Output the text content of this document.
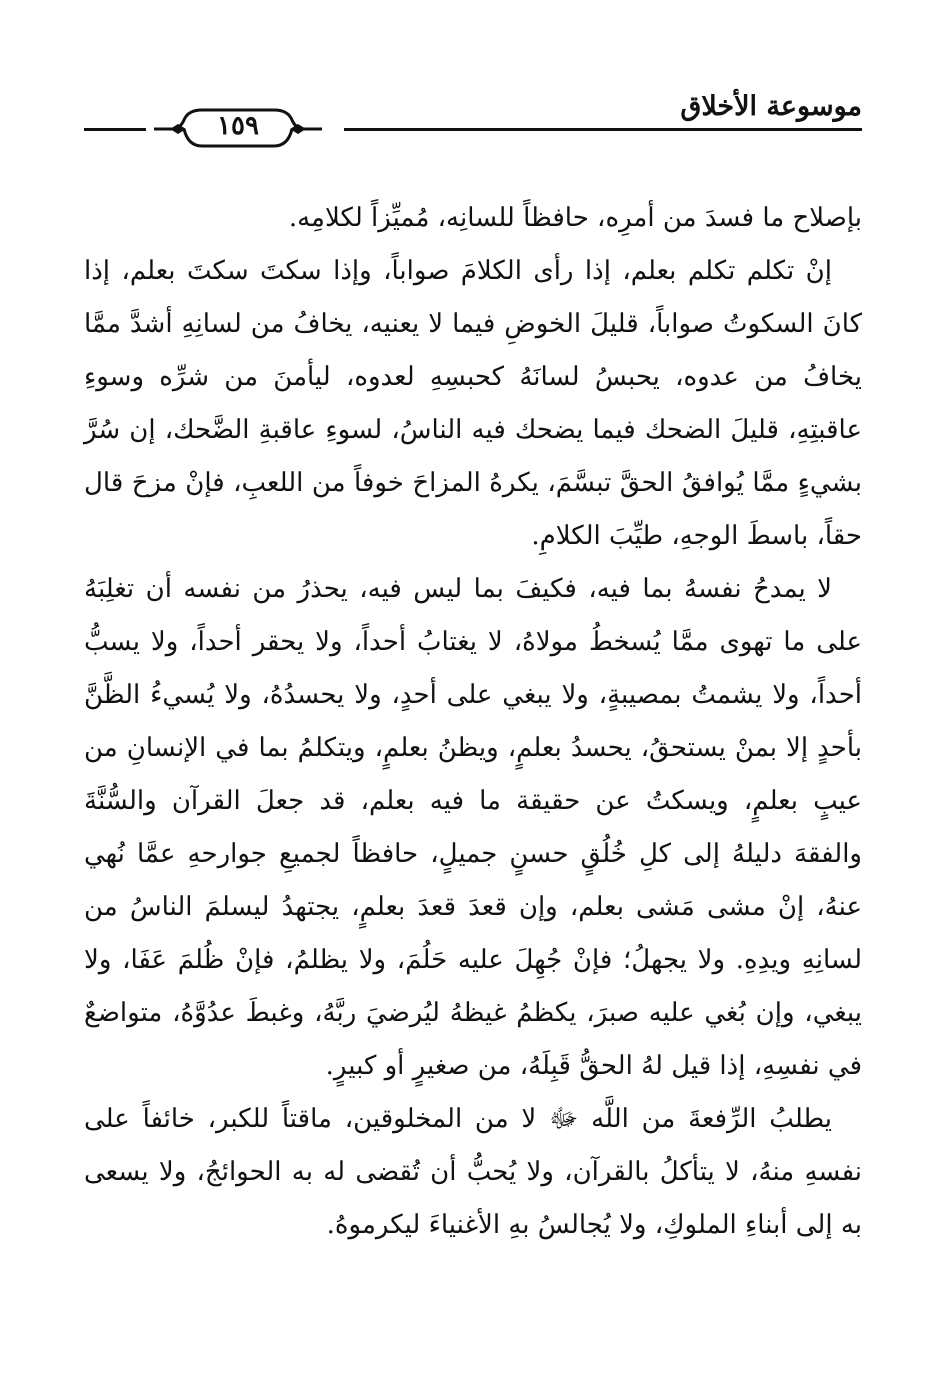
موسوعة الأخلاق
١٥٩

بإصلاح ما فسدَ من أمرِه، حافظاً للسانِه، مُميِّزاً لكلامِه.

إنْ تكلم تكلم بعلم، إذا رأى الكلامَ صواباً، وإذا سكتَ سكتَ بعلم، إذا كانَ السكوتُ صواباً، قليلَ الخوضِ فيما لا يعنيه، يخافُ من لسانِهِ أشدَّ ممَّا يخافُ من عدوه، يحبسُ لسانَهُ كحبسِهِ لعدوه، ليأمنَ من شرِّه وسوءِ عاقبتِهِ، قليلَ الضحك فيما يضحك فيه الناسُ، لسوءِ عاقبةِ الضَّحك، إن سُرَّ بشيءٍ ممَّا يُوافقُ الحقَّ تبسَّمَ، يكرهُ المزاحَ خوفاً من اللعبِ، فإنْ مزحَ قال حقاً، باسطَ الوجهِ، طيِّبَ الكلامِ.

لا يمدحُ نفسهُ بما فيه، فكيفَ بما ليس فيه، يحذرُ من نفسه أن تغلِبَهُ على ما تهوى ممَّا يُسخطُ مولاهُ، لا يغتابُ أحداً، ولا يحقر أحداً، ولا يسبُّ أحداً، ولا يشمتُ بمصيبةٍ، ولا يبغي على أحدٍ، ولا يحسدُهُ، ولا يُسيءُ الظَّنَّ بأحدٍ إلا بمنْ يستحقُ، يحسدُ بعلمٍ، ويظنُ بعلمٍ، ويتكلمُ بما في الإنسانِ من عيبٍ بعلمٍ، ويسكتُ عن حقيقة ما فيه بعلم، قد جعلَ القرآن والسُّنَّةَ والفقهَ دليلهُ إلى كلِ خُلُقٍ حسنٍ جميلٍ، حافظاً لجميعِ جوارحهِ عمَّا نُهي عنهُ، إنْ مشى مَشى بعلم، وإن قعدَ قعدَ بعلمٍ، يجتهدُ ليسلمَ الناسُ من لسانِهِ ويدِهِ. ولا يجهلُ؛ فإنْ جُهِلَ عليه حَلُمَ، ولا يظلمُ، فإنْ ظُلمَ عَفَا، ولا يبغي، وإن بُغي عليه صبرَ، يكظمُ غيظهُ ليُرضيَ ربَّهُ، وغبطَ عدُوَّهُ، متواضعٌ في نفسِهِ، إذا قيل لهُ الحقُّ قَبِلَهُ، من صغيرٍ أو كبيرٍ.

يطلبُ الرِّفعةَ من اللَّه ﷻ لا من المخلوقين، ماقتاً للكبر، خائفاً على نفسهِ منهُ، لا يتأكلُ بالقرآن، ولا يُحبُّ أن تُقضى له به الحوائجُ، ولا يسعى به إلى أبناءِ الملوكِ، ولا يُجالسُ بهِ الأغنياءَ ليكرموهُ.
